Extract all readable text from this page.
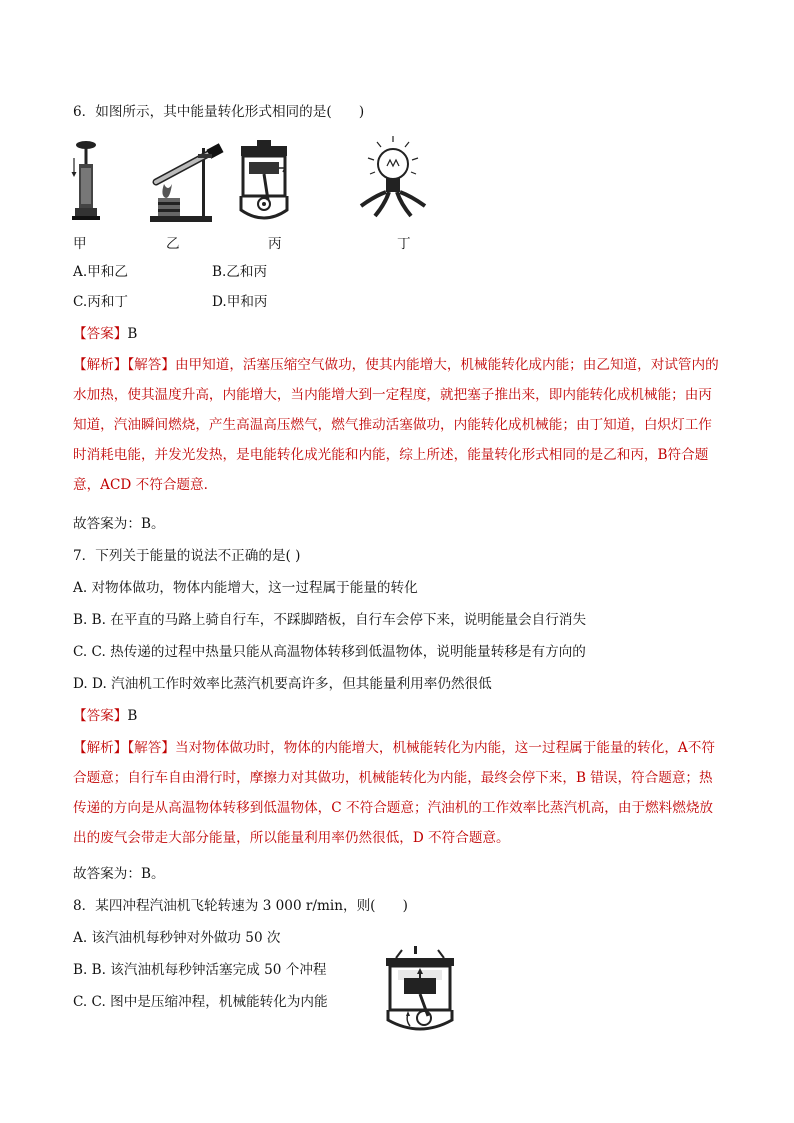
6．如图所示，其中能量转化形式相同的是(　　)
甲	乙	丙	丁
A.甲和乙	B.乙和丙
C.丙和丁	D.甲和丙
【答案】B
【解析】【解答】由甲知道，活塞压缩空气做功，使其内能增大，机械能转化成内能；由乙知道，对试管内的水加热，使其温度升高，内能增大，当内能增大到一定程度，就把塞子推出来，即内能转化成机械能；由丙知道，汽油瞬间燃烧，产生高温高压燃气，燃气推动活塞做功，内能转化成机械能；由丁知道，白炽灯工作时消耗电能，并发光发热，是电能转化成光能和内能，综上所述，能量转化形式相同的是乙和丙，B符合题意，ACD 不符合题意.
故答案为：B。
7．下列关于能量的说法不正确的是( )
A. 对物体做功，物体内能增大，这一过程属于能量的转化
B. B. 在平直的马路上骑自行车，不踩脚踏板，自行车会停下来，说明能量会自行消失
C. C. 热传递的过程中热量只能从高温物体转移到低温物体，说明能量转移是有方向的
D. D. 汽油机工作时效率比蒸汽机要高许多，但其能量利用率仍然很低
【答案】B
【解析】【解答】当对物体做功时，物体的内能增大，机械能转化为内能，这一过程属于能量的转化，A不符合题意；自行车自由滑行时，摩擦力对其做功，机械能转化为内能，最终会停下来，B 错误，符合题意；热传递的方向是从高温物体转移到低温物体，C 不符合题意；汽油机的工作效率比蒸汽机高，由于燃料燃烧放出的废气会带走大部分能量，所以能量利用率仍然很低，D 不符合题意。
故答案为：B。
8．某四冲程汽油机飞轮转速为 3 000 r/min，则(　　)
A. 该汽油机每秒钟对外做功 50 次
B. B. 该汽油机每秒钟活塞完成 50 个冲程
C. C. 图中是压缩冲程，机械能转化为内能
